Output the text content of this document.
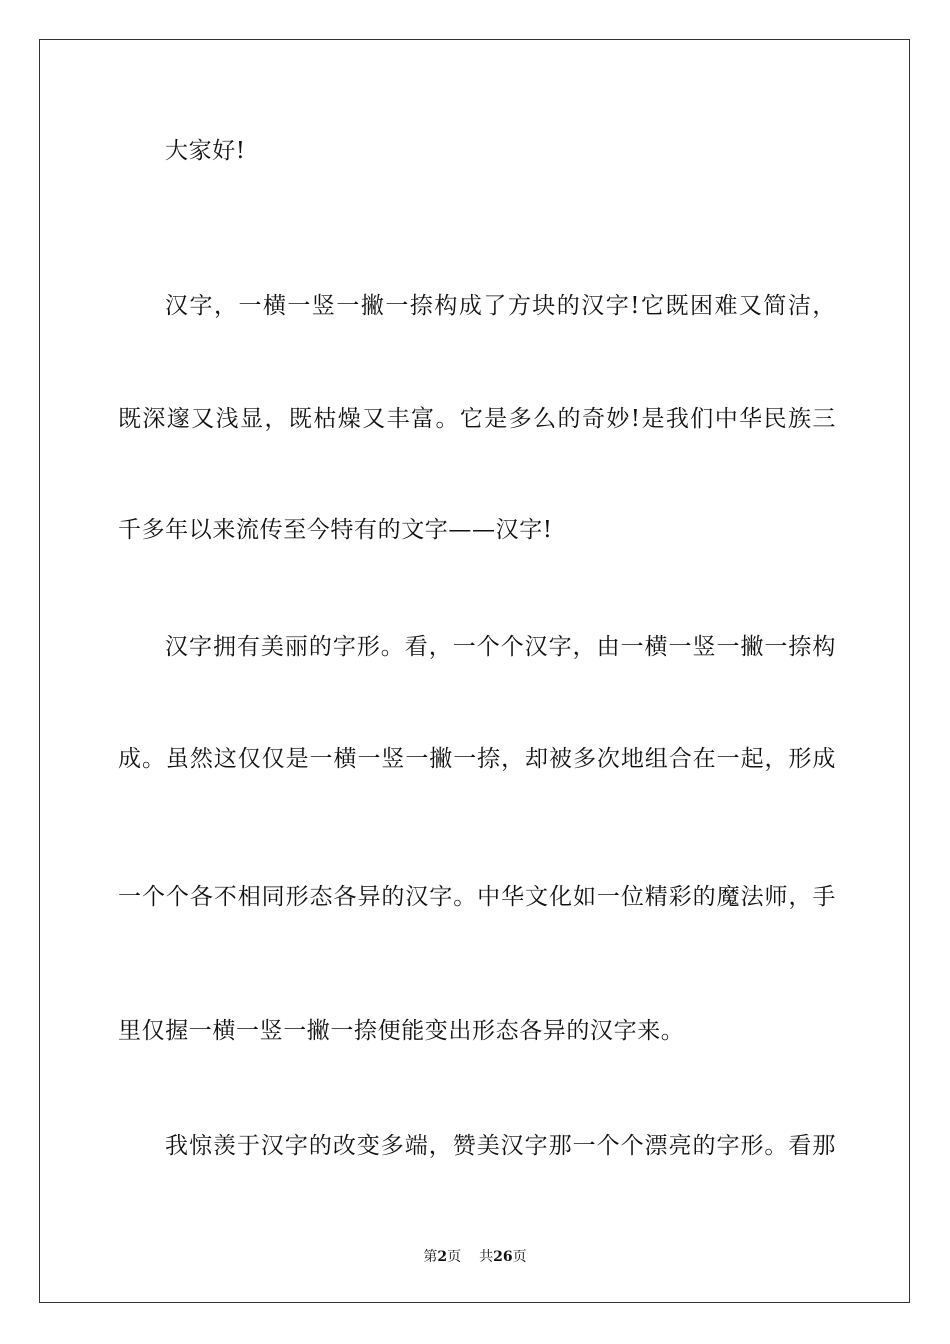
大家好!
汉字，一横一竖一撇一捺构成了方块的汉字!它既困难又简洁，
既深邃又浅显，既枯燥又丰富。它是多么的奇妙!是我们中华民族三
千多年以来流传至今特有的文字——汉字!
汉字拥有美丽的字形。看，一个个汉字，由一横一竖一撇一捺构
成。虽然这仅仅是一横一竖一撇一捺，却被多次地组合在一起，形成
一个个各不相同形态各异的汉字。中华文化如一位精彩的魔法师，手
里仅握一横一竖一撇一捺便能变出形态各异的汉字来。
我惊羡于汉字的改变多端，赞美汉字那一个个漂亮的字形。看那
第2页 共26页
